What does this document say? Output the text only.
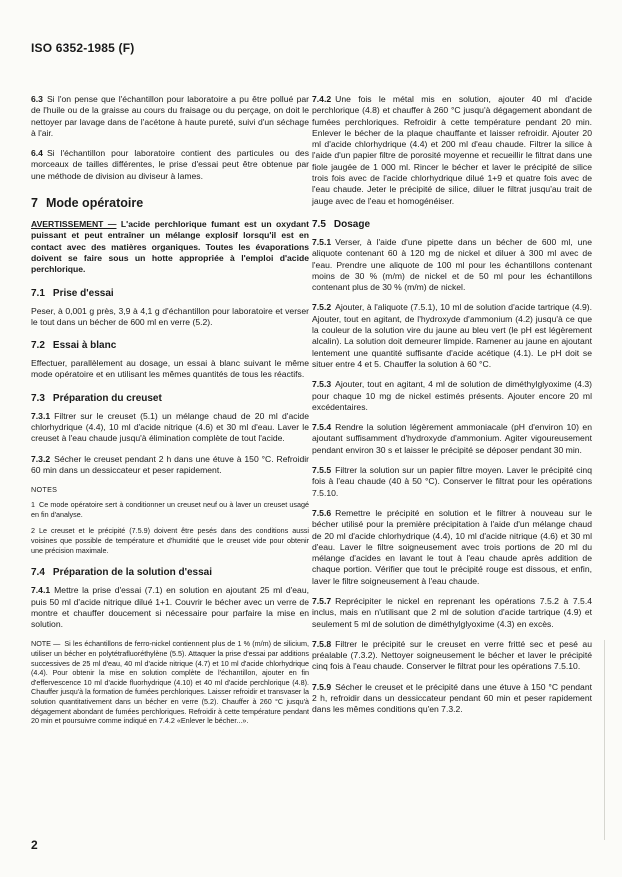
ISO 6352-1985 (F)

6.3 Si l'on pense que l'échantillon pour laboratoire a pu être pollué par de l'huile ou de la graisse au cours du fraisage ou du perçage, on doit le nettoyer par lavage dans de l'acétone à haute pureté, suivi d'un séchage à l'air.

6.4 Si l'échantillon pour laboratoire contient des particules ou des morceaux de tailles différentes, le prise d'essai peut être obtenue par une méthode de division au diviseur à lames.

7 Mode opératoire

AVERTISSEMENT — L'acide perchlorique fumant est un oxydant puissant et peut entraîner un mélange explosif lorsqu'il est en contact avec des matières organiques. Toutes les évaporations doivent se faire sous un hotte appropriée à l'emploi d'acide perchlorique.

7.1 Prise d'essai

Peser, à 0,001 g près, 3,9 à 4,1 g d'échantillon pour laboratoire et verser le tout dans un bécher de 600 ml en verre (5.2).

7.2 Essai à blanc

Effectuer, parallèlement au dosage, un essai à blanc suivant le même mode opératoire et en utilisant les mêmes quantités de tous les réactifs.

7.3 Préparation du creuset

7.3.1 Filtrer sur le creuset (5.1) un mélange chaud de 20 ml d'acide chlorhydrique (4.4), 10 ml d'acide nitrique (4.6) et 30 ml d'eau. Laver le creuset à l'eau chaude jusqu'à élimination complète de tout l'acide.

7.3.2 Sécher le creuset pendant 2 h dans une étuve à 150 °C. Refroidir 60 min dans un dessiccateur et peser rapidement.

NOTES

1 Ce mode opératoire sert à conditionner un creuset neuf ou à laver un creuset usagé en fin d'analyse.

2 Le creuset et le précipité (7.5.9) doivent être pesés dans des conditions aussi voisines que possible de température et d'humidité que le creuset vide pour obtenir une précision maximale.

7.4 Préparation de la solution d'essai

7.4.1 Mettre la prise d'essai (7.1) en solution en ajoutant 25 ml d'eau, puis 50 ml d'acide nitrique dilué 1+1. Couvrir le bécher avec un verre de montre et chauffer doucement si nécessaire pour parfaire la mise en solution.

NOTE — Si les échantillons de ferro-nickel contiennent plus de 1 % (m/m) de silicium, utiliser un bécher en polytétrafluoréthylène (5.5). Attaquer la prise d'essai par additions successives de 25 ml d'eau, 40 ml d'acide nitrique (4.7) et 10 ml d'acide chlorhydrique (4.4). Pour obtenir la mise en solution complète de l'échantillon, ajouter en fin d'effervescence 10 ml d'acide fluorhydrique (4.10) et 40 ml d'acide perchlorique (4.8). Chauffer jusqu'à la formation de fumées perchloriques. Laisser refroidir et transvaser la solution quantitativement dans un bécher en verre (5.2). Chauffer à 260 °C jusqu'à dégagement abondant de fumées perchloriques. Refroidir à cette température pendant 20 min et poursuivre comme indiqué en 7.4.2 «Enlever le bécher...».

7.4.2 Une fois le métal mis en solution, ajouter 40 ml d'acide perchlorique (4.8) et chauffer à 260 °C jusqu'à dégagement abondant de fumées perchloriques. Refroidir à cette température pendant 20 min. Enlever le bécher de la plaque chauffante et laisser refroidir. Ajouter 20 ml d'acide chlorhydrique (4.4) et 200 ml d'eau chaude. Filtrer la silice à l'aide d'un papier filtre de porosité moyenne et recueillir le filtrat dans une fiole jaugée de 1 000 ml. Rincer le bécher et laver le précipité de silice trois fois avec de l'acide chlorhydrique dilué 1+9 et quatre fois avec de l'eau chaude. Jeter le précipité de silice, diluer le filtrat jusqu'au trait de jauge avec de l'eau et homogénéiser.

7.5 Dosage

7.5.1 Verser, à l'aide d'une pipette dans un bécher de 600 ml, une aliquote contenant 60 à 120 mg de nickel et diluer à 300 ml avec de l'eau. Prendre une aliquote de 100 ml pour les échantillons contenant moins de 30 % (m/m) de nickel et de 50 ml pour les échantillons contenant plus de 30 % (m/m) de nickel.

7.5.2 Ajouter, à l'aliquote (7.5.1), 10 ml de solution d'acide tartrique (4.9). Ajouter, tout en agitant, de l'hydroxyde d'ammonium (4.2) jusqu'à ce que la couleur de la solution vire du jaune au bleu vert (le pH est légèrement alcalin). La solution doit demeurer limpide. Ramener au jaune en ajoutant lentement une quantité suffisante d'acide acétique (4.1). Le pH doit se situer entre 4 et 5. Chauffer la solution à 60 °C.

7.5.3 Ajouter, tout en agitant, 4 ml de solution de diméthylglyoxime (4.3) pour chaque 10 mg de nickel estimés présents. Ajouter encore 20 ml excédentaires.

7.5.4 Rendre la solution légèrement ammoniacale (pH d'environ 10) en ajoutant suffisamment d'hydroxyde d'ammonium. Agiter vigoureusement pendant environ 30 s et laisser le précipité se déposer pendant 30 min.

7.5.5 Filtrer la solution sur un papier filtre moyen. Laver le précipité cinq fois à l'eau chaude (40 à 50 °C). Conserver le filtrat pour les opérations 7.5.10.

7.5.6 Remettre le précipité en solution et le filtrer à nouveau sur le bécher utilisé pour la première précipitation à l'aide d'un mélange chaud de 20 ml d'acide chlorhydrique (4.4), 10 ml d'acide nitrique (4.6) et 30 ml d'eau. Laver le filtre soigneusement avec trois portions de 20 ml du mélange d'acides en lavant le tout à l'eau chaude après addition de chaque portion. Vérifier que tout le précipité rouge est dissous, et enfin, laver le filtre soigneusement à l'eau chaude.

7.5.7 Reprécipiter le nickel en reprenant les opérations 7.5.2 à 7.5.4 inclus, mais en n'utilisant que 2 ml de solution d'acide tartrique (4.9) et seulement 5 ml de solution de diméthylglyoxime (4.3) en excès.

7.5.8 Filtrer le précipité sur le creuset en verre fritté sec et pesé au préalable (7.3.2). Nettoyer soigneusement le bécher et laver le précipité cinq fois à l'eau chaude. Conserver le filtrat pour les opérations 7.5.10.

7.5.9 Sécher le creuset et le précipité dans une étuve à 150 °C pendant 2 h, refroidir dans un dessiccateur pendant 60 min et peser rapidement dans les mêmes conditions qu'en 7.3.2.

2
